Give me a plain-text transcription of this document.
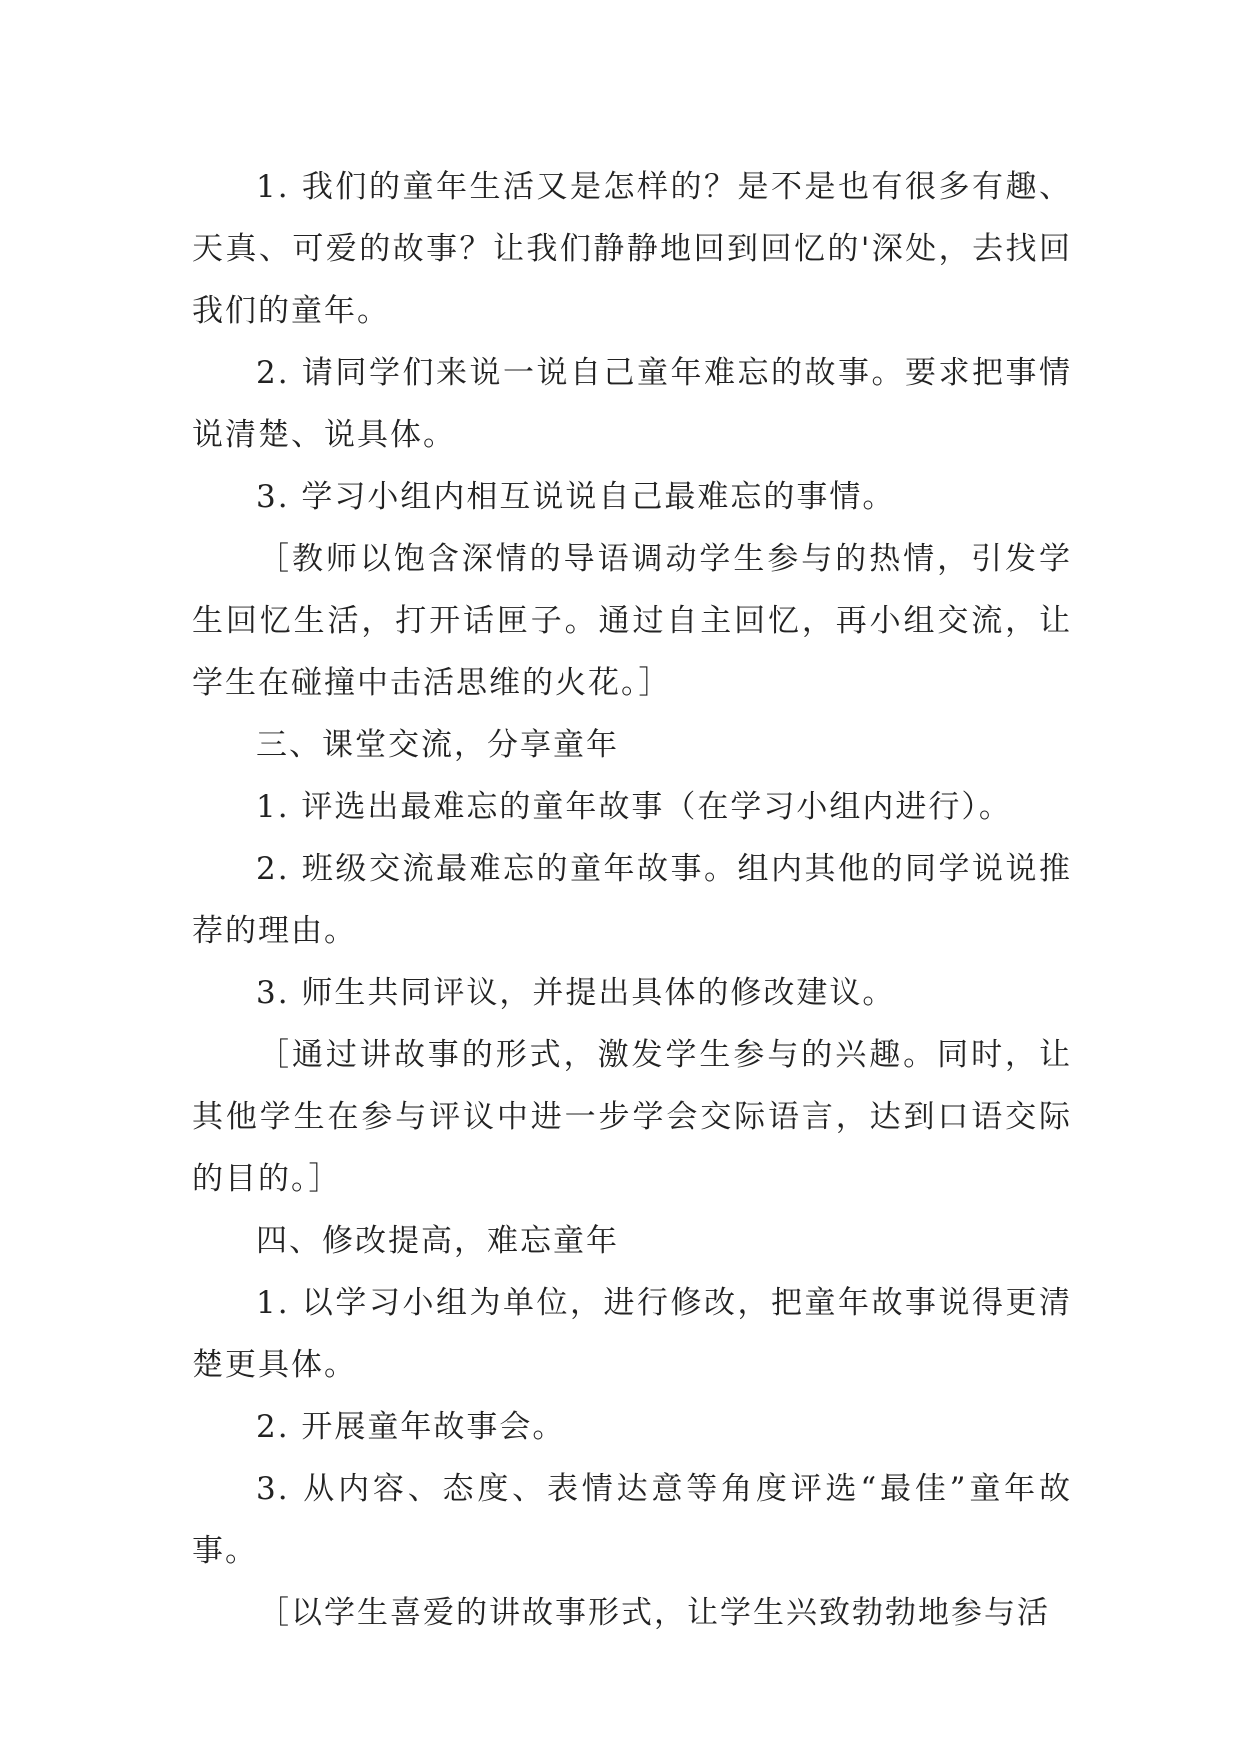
1. 我们的童年生活又是怎样的？是不是也有很多有趣、天真、可爱的故事？让我们静静地回到回忆的'深处，去找回我们的童年。

2. 请同学们来说一说自己童年难忘的故事。要求把事情说清楚、说具体。

3. 学习小组内相互说说自己最难忘的事情。

［教师以饱含深情的导语调动学生参与的热情，引发学生回忆生活，打开话匣子。通过自主回忆，再小组交流，让学生在碰撞中击活思维的火花。］

三、课堂交流，分享童年

1. 评选出最难忘的童年故事（在学习小组内进行）。

2. 班级交流最难忘的童年故事。组内其他的同学说说推荐的理由。

3. 师生共同评议，并提出具体的修改建议。

［通过讲故事的形式，激发学生参与的兴趣。同时，让其他学生在参与评议中进一步学会交际语言，达到口语交际的目的。］

四、修改提高，难忘童年

1. 以学习小组为单位，进行修改，把童年故事说得更清楚更具体。

2. 开展童年故事会。

3. 从内容、态度、表情达意等角度评选“最佳”童年故事。

［以学生喜爱的讲故事形式，让学生兴致勃勃地参与活
